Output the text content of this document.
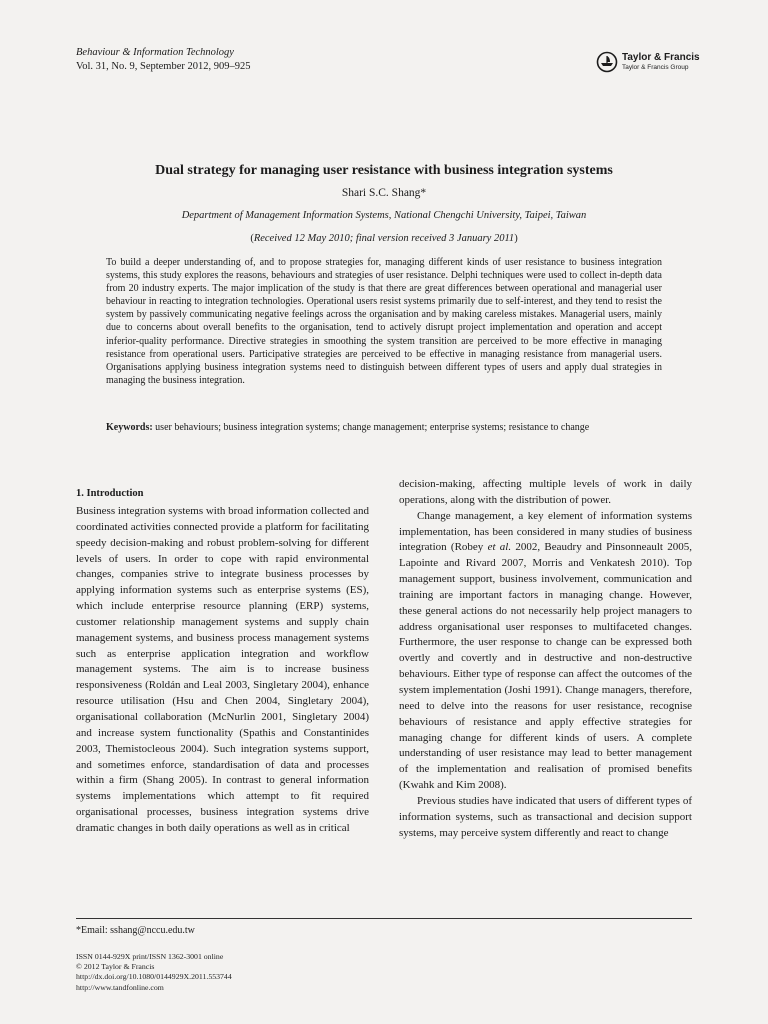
Behaviour & Information Technology
Vol. 31, No. 9, September 2012, 909–925
Taylor & Francis
Taylor & Francis Group
Dual strategy for managing user resistance with business integration systems
Shari S.C. Shang*
Department of Management Information Systems, National Chengchi University, Taipei, Taiwan
(Received 12 May 2010; final version received 3 January 2011)
To build a deeper understanding of, and to propose strategies for, managing different kinds of user resistance to business integration systems, this study explores the reasons, behaviours and strategies of user resistance. Delphi techniques were used to collect in-depth data from 20 industry experts. The major implication of the study is that there are great differences between operational and managerial user behaviour in reacting to integration technologies. Operational users resist systems primarily due to self-interest, and they tend to resist the system by passively communicating negative feelings across the organisation and by making careless mistakes. Managerial users, mainly due to concerns about overall benefits to the organisation, tend to actively disrupt project implementation and operation and accept inferior-quality performance. Directive strategies in smoothing the system transition are perceived to be more effective in managing resistance from operational users. Participative strategies are perceived to be effective in managing resistance from managerial users. Organisations applying business integration systems need to distinguish between different types of users and apply dual strategies in managing the business integration.
Keywords: user behaviours; business integration systems; change management; enterprise systems; resistance to change
1. Introduction

Business integration systems with broad information collected and coordinated activities connected provide a platform for facilitating speedy decision-making and robust problem-solving for different levels of users. In order to cope with rapid environmental changes, companies strive to integrate business processes by applying information systems such as enterprise systems (ES), which include enterprise resource planning (ERP) systems, customer relationship management systems and supply chain management systems, and business process management systems such as enterprise application integration and workflow management systems. The aim is to increase business responsiveness (Roldán and Leal 2003, Singletary 2004), enhance resource utilisation (Hsu and Chen 2004, Singletary 2004), organisational collaboration (McNurlin 2001, Singletary 2004) and increase system functionality (Spathis and Constantinides 2003, Themistocleous 2004). Such integration systems support, and sometimes enforce, standardisation of data and processes within a firm (Shang 2005). In contrast to general information systems implementations which attempt to fit required organisational processes, business integration systems drive dramatic changes in both daily operations as well as in critical

decision-making, affecting multiple levels of work in daily operations, along with the distribution of power.

Change management, a key element of information systems implementation, has been considered in many studies of business integration (Robey et al. 2002, Beaudry and Pinsonneault 2005, Lapointe and Rivard 2007, Morris and Venkatesh 2010). Top management support, business involvement, communication and training are important factors in managing change. However, these general actions do not necessarily help project managers to address organisational user responses to multifaceted changes. Furthermore, the user response to change can be expressed both overtly and covertly and in destructive and non-destructive behaviours. Either type of response can affect the outcomes of the system implementation (Joshi 1991). Change managers, therefore, need to delve into the reasons for user resistance, recognise behaviours of resistance and apply effective strategies for managing change for different kinds of users. A complete understanding of user resistance may lead to better management of the implementation and realisation of promised benefits (Kwahk and Kim 2008).

Previous studies have indicated that users of different types of information systems, such as transactional and decision support systems, may perceive system differently and react to change

*Email: sshang@nccu.edu.tw
ISSN 0144-929X print/ISSN 1362-3001 online
© 2012 Taylor & Francis
http://dx.doi.org/10.1080/0144929X.2011.553744
http://www.tandfonline.com
